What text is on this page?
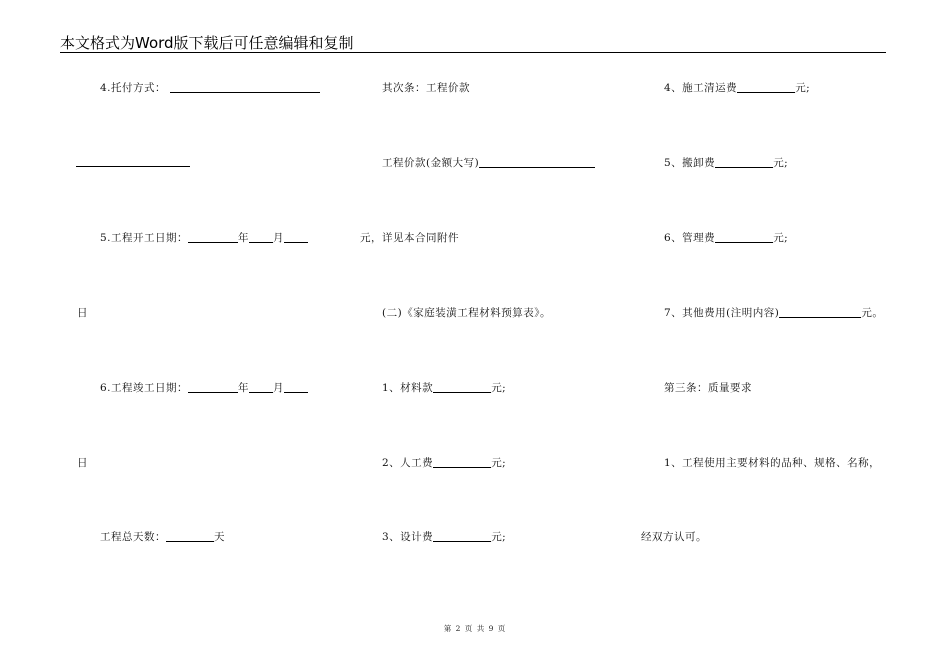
本文格式为Word版下载后可任意编辑和复制
4.托付方式：
5.工程开工日期：	年 月
日
6.工程竣工日期：	年 月
日
工程总天数：	天
其次条：工程价款
工程价款(金额大写)
元，详见本合同附件
(二)《家庭装潢工程材料预算表》。
1、材料款	元;
2、人工费	元;
3、设计费	元;
4、施工清运费	元;
5、搬卸费	元;
6、管理费	元;
7、其他费用(注明内容)	元。
第三条：质量要求
1、工程使用主要材料的品种、规格、名称，
经双方认可。
第 2 页 共 9 页
